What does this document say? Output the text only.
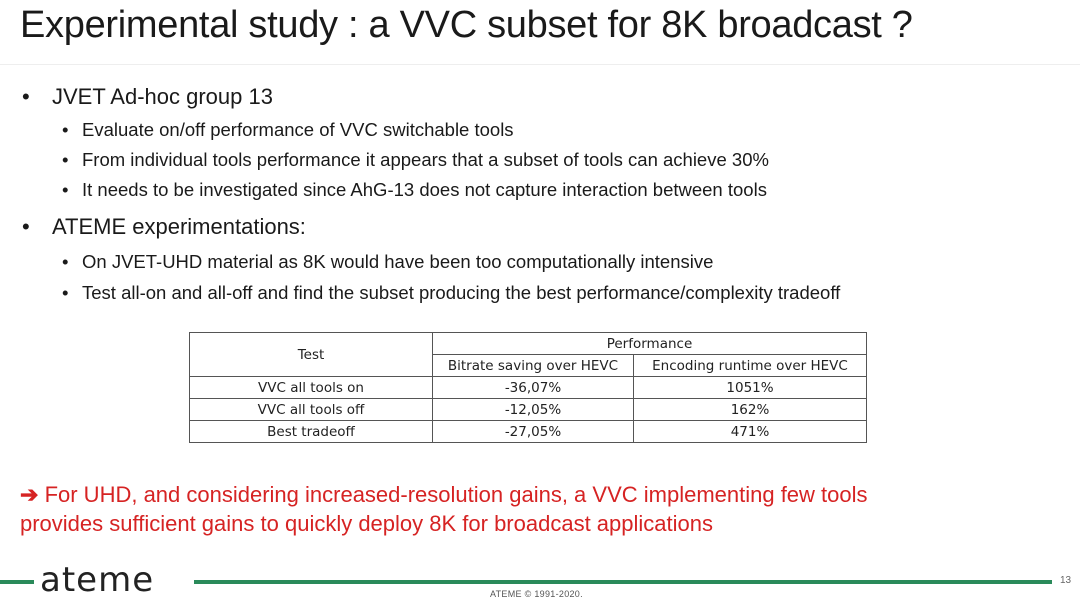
Experimental study : a VVC subset for 8K broadcast ?
• JVET Ad-hoc group 13
• Evaluate on/off performance of VVC switchable tools
• From individual tools performance it appears that a subset of tools can achieve 30%
• It needs to be investigated since AhG-13 does not capture interaction between tools
• ATEME experimentations:
• On JVET-UHD material as 8K would have been too computationally intensive
• Test all-on and all-off and find the subset producing the best performance/complexity tradeoff
Test	Performance	
	Bitrate saving over HEVC	Encoding runtime over HEVC
VVC all tools on	-36,07%	1051%
VVC all tools off	-12,05%	162%
Best tradeoff	-27,05%	471%
➔ For UHD, and considering increased-resolution gains, a VVC implementing few tools
provides sufficient gains to quickly deploy 8K for broadcast applications
ateme	13
ATEME © 1991-2020.
